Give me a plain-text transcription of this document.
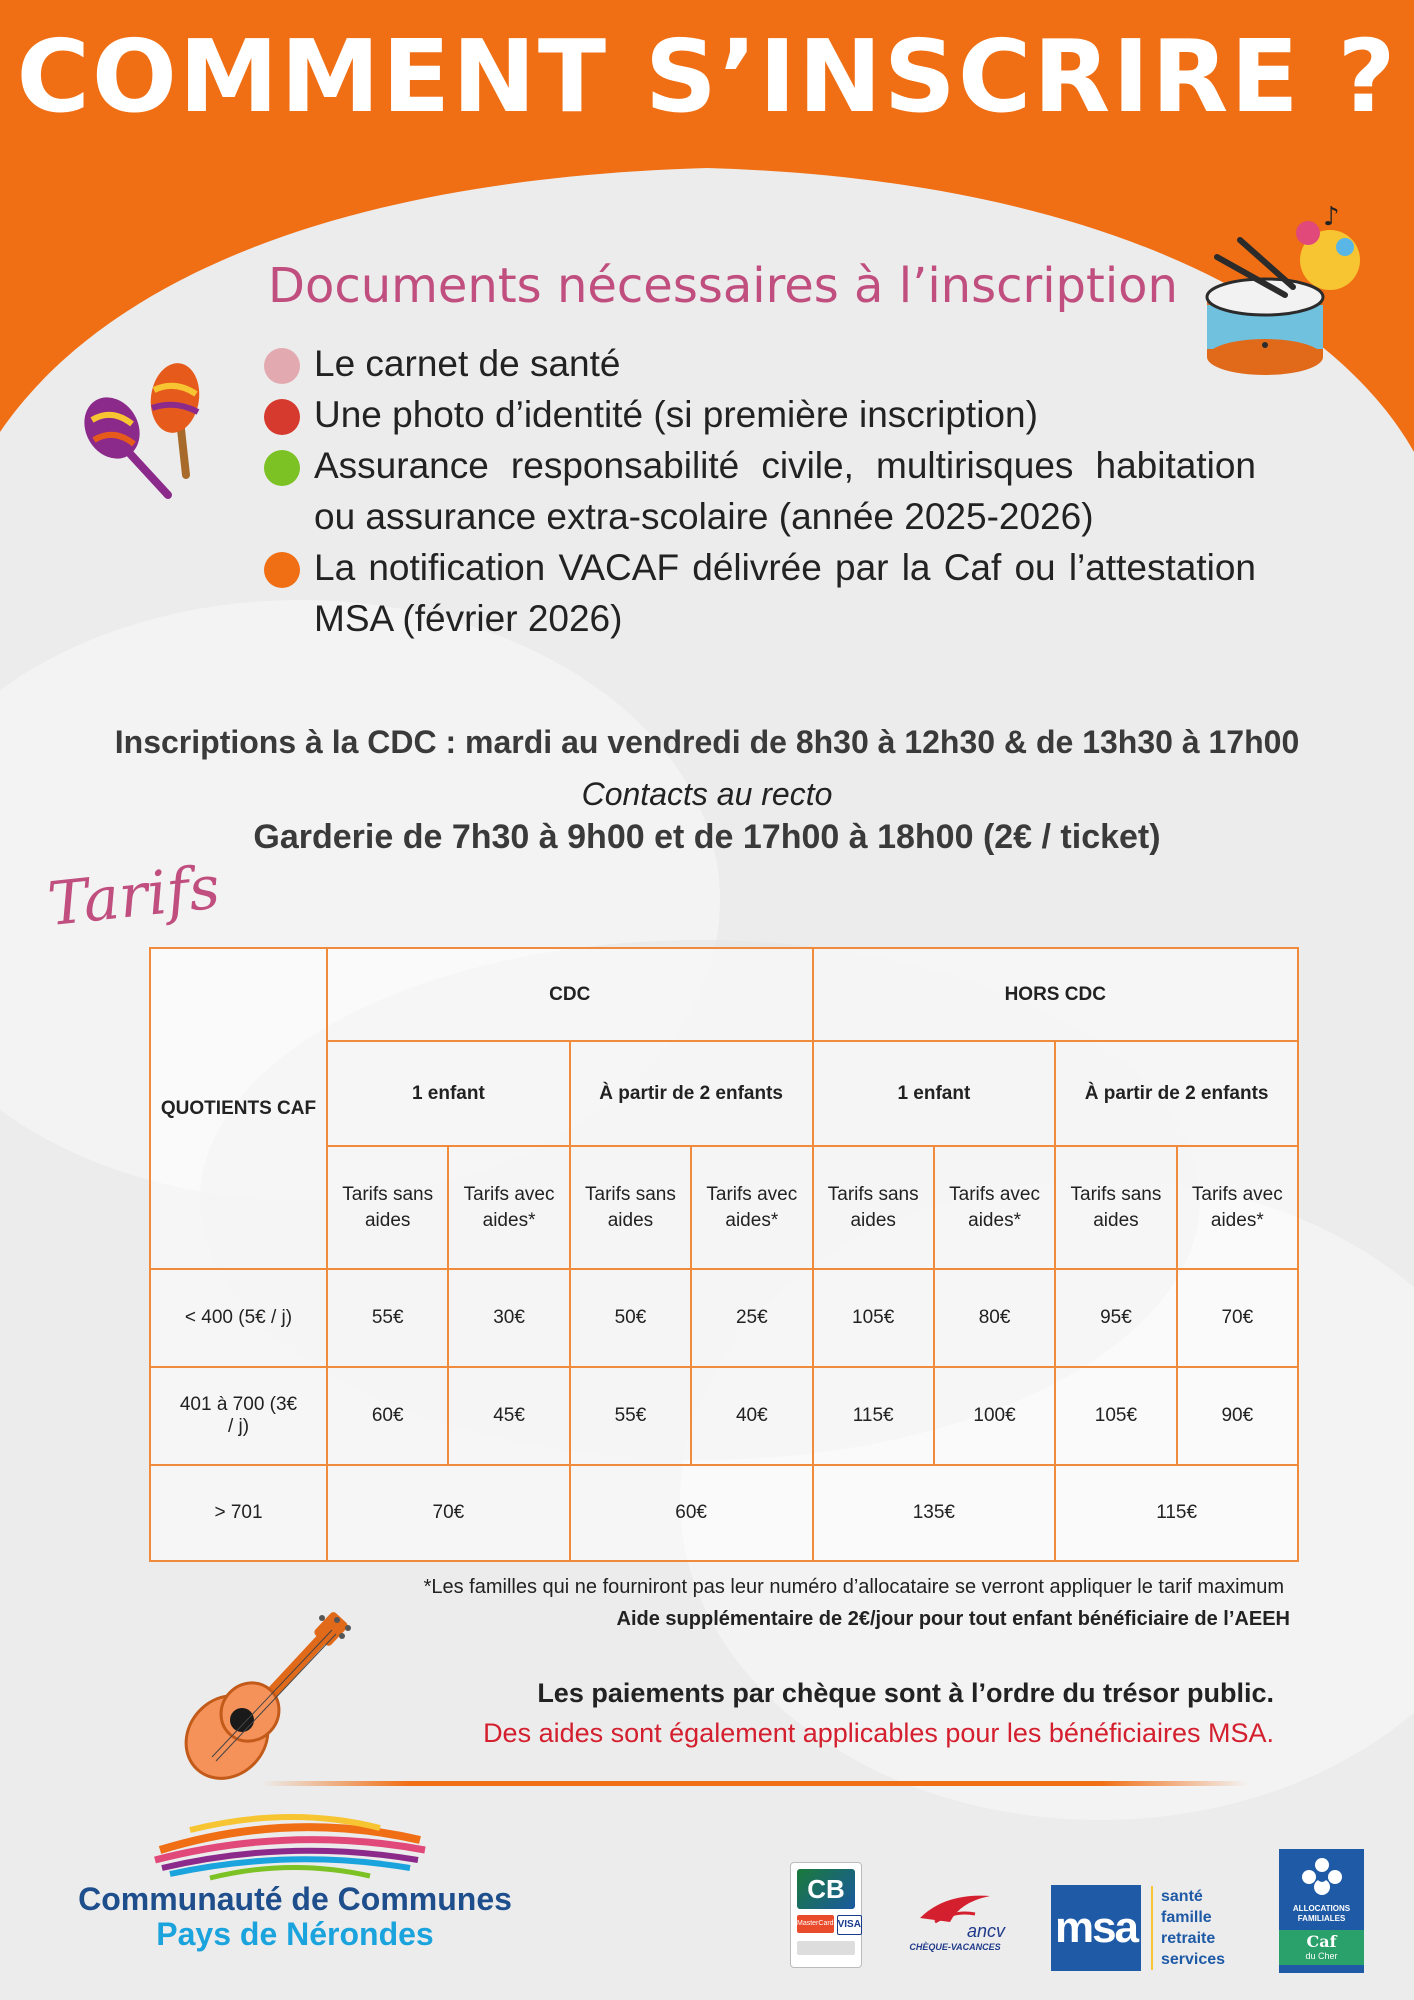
COMMENT S’INSCRIRE ?
♪
Documents nécessaires à l’inscription
Le carnet de santé
Une photo d’identité (si première inscription)
Assurance responsabilité civile, multirisques habitation ou assurance extra-scolaire (année 2025-2026)
La notification VACAF délivrée par la Caf ou l’attestation MSA (février 2026)
Inscriptions à la CDC : mardi au vendredi de 8h30 à 12h30 & de 13h30 à 17h00
Contacts au recto
Garderie de 7h30 à 9h00 et de 17h00 à 18h00 (2€ / ticket)
Tarifs
QUOTIENTS CAF	CDC				HORS CDC			
	1 enfant		À partir de 2 enfants		1 enfant		À partir de 2 enfants	
	Tarifs sans aides	Tarifs avec aides*	Tarifs sans aides	Tarifs avec aides*	Tarifs sans aides	Tarifs avec aides*	Tarifs sans aides	Tarifs avec aides*
< 400 (5€ / j)	55€	30€	50€	25€	105€	80€	95€	70€
401 à 700 (3€ / j)	60€	45€	55€	40€	115€	100€	105€	90€
> 701	70€		60€		135€		115€	
*Les familles qui ne fourniront pas leur numéro d’allocataire se verront appliquer le tarif maximum
Aide supplémentaire de 2€/jour pour tout enfant bénéficiaire de l’AEEH
Les paiements par chèque sont à l’ordre du trésor public.
Des aides sont également applicables pour les bénéficiaires MSA.
Communauté de Communes
Pays de Nérondes
CB
MasterCard VISA	ancv
CHÈQUE-VACANCES	msa
santé
famille
retraite
services
ALLOCATIONS
FAMILIALES
Caf
du Cher
